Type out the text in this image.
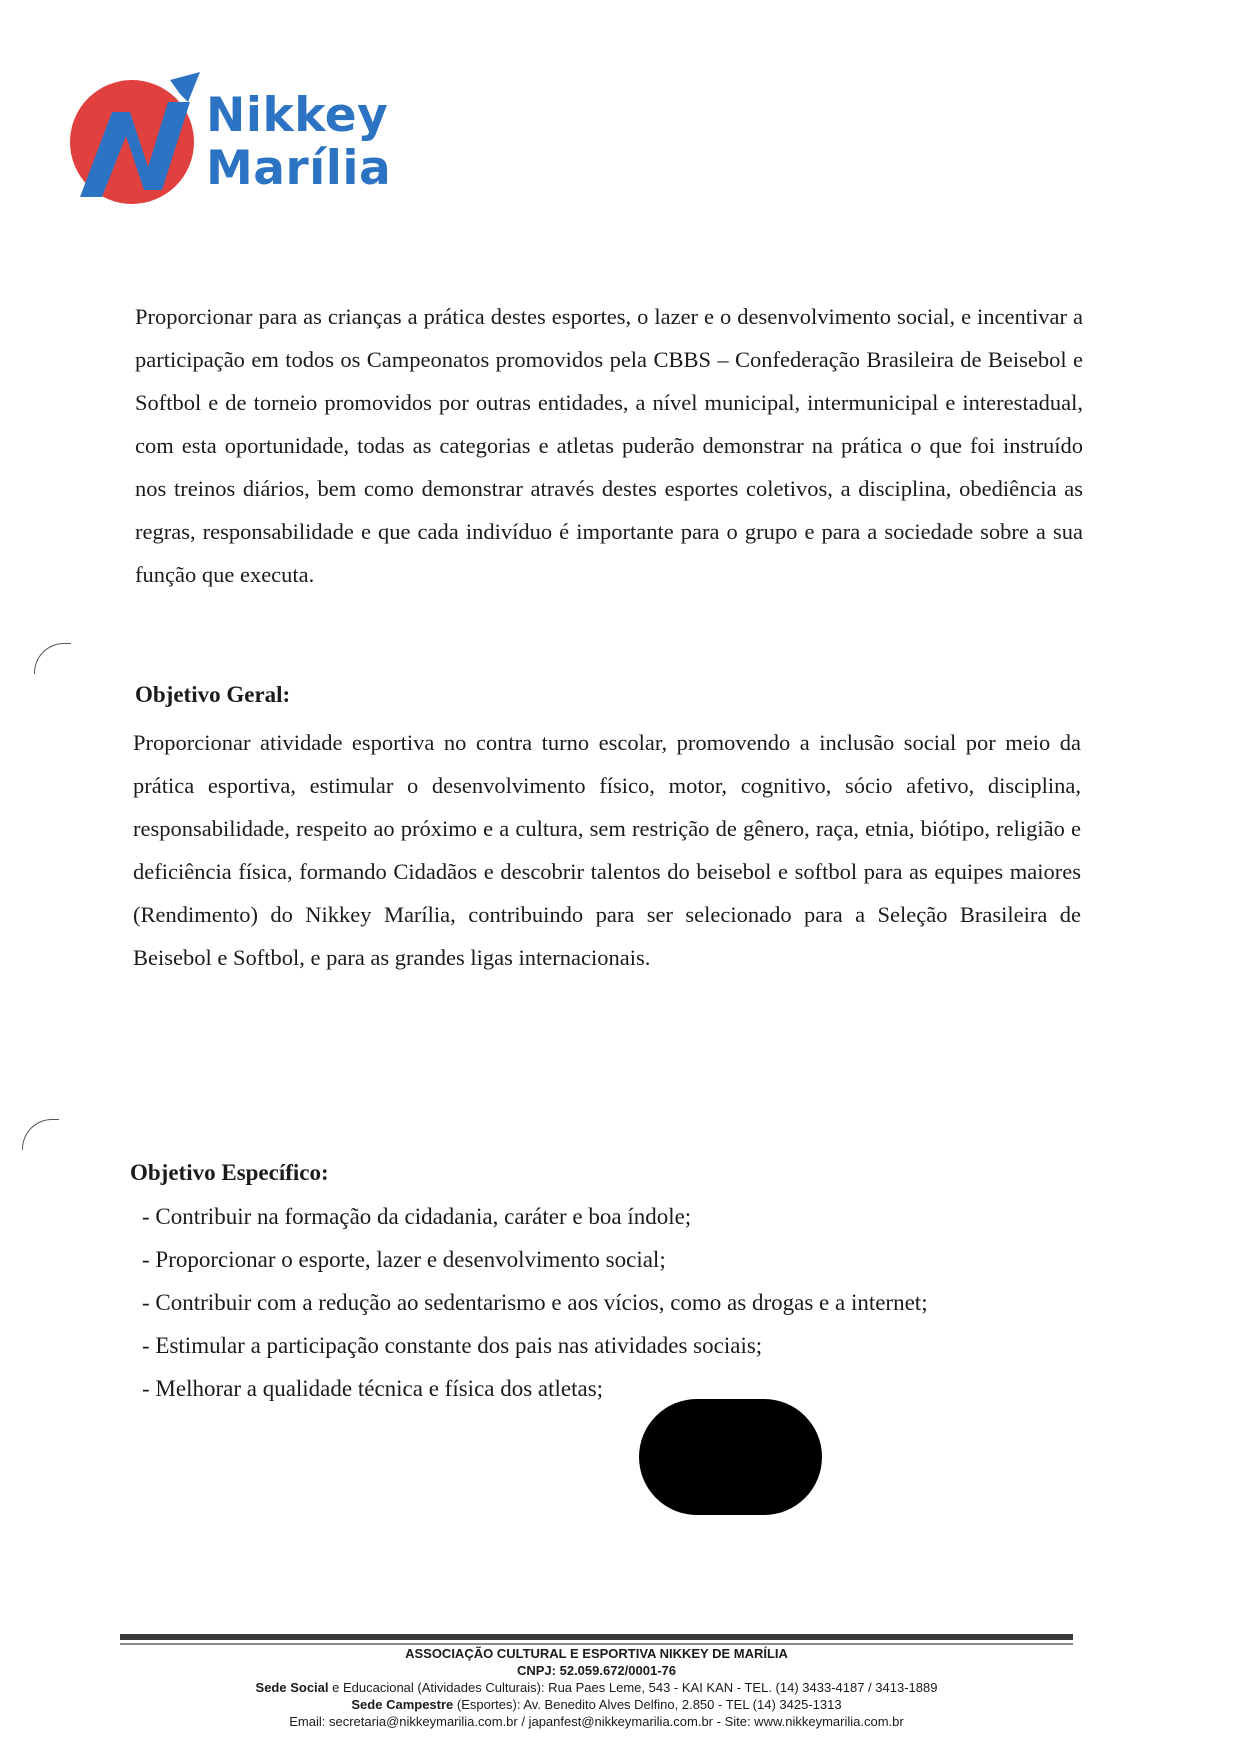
Nikkey
Marília

Proporcionar para as crianças a prática destes esportes, o lazer e o desenvolvimento social, e incentivar a participação em todos os Campeonatos promovidos pela CBBS – Confederação Brasileira de Beisebol e Softbol e de torneio promovidos por outras entidades, a nível municipal, intermunicipal e interestadual, com esta oportunidade, todas as categorias e atletas puderão demonstrar na prática o que foi instruído nos treinos diários, bem como demonstrar através destes esportes coletivos, a disciplina, obediência as regras, responsabilidade e que cada indivíduo é importante para o grupo e para a sociedade sobre a sua função que executa.

Objetivo Geral:

Proporcionar atividade esportiva no contra turno escolar, promovendo a inclusão social por meio da prática esportiva, estimular o desenvolvimento físico, motor, cognitivo, sócio afetivo, disciplina, responsabilidade, respeito ao próximo e a cultura, sem restrição de gênero, raça, etnia, biótipo, religião e deficiência física, formando Cidadãos e descobrir talentos do beisebol e softbol para as equipes maiores (Rendimento) do Nikkey Marília, contribuindo para ser selecionado para a Seleção Brasileira de Beisebol e Softbol, e para as grandes ligas internacionais.

Objetivo Específico:
- Contribuir na formação da cidadania, caráter e boa índole;
- Proporcionar o esporte, lazer e desenvolvimento social;
- Contribuir com a redução ao sedentarismo e aos vícios, como as drogas e a internet;
- Estimular a participação constante dos pais nas atividades sociais;
- Melhorar a qualidade técnica e física dos atletas;
ASSOCIAÇÃO CULTURAL E ESPORTIVA NIKKEY DE MARÍLIA
CNPJ: 52.059.672/0001-76
Sede Social e Educacional (Atividades Culturais): Rua Paes Leme, 543 - KAI KAN - TEL. (14) 3433-4187 / 3413-1889
Sede Campestre (Esportes): Av. Benedito Alves Delfino, 2.850 - TEL (14) 3425-1313
Email: secretaria@nikkeymarilia.com.br / japanfest@nikkeymarilia.com.br - Site: www.nikkeymarilia.com.br
